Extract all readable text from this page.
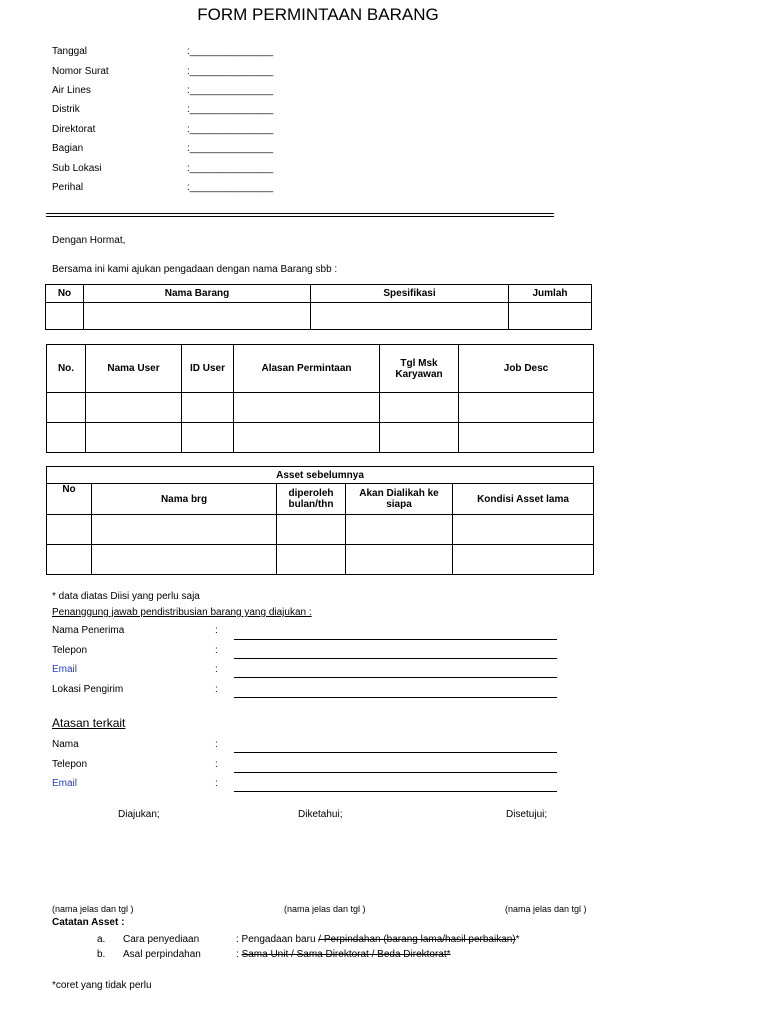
FORM PERMINTAAN BARANG
Tanggal	:_______________
Nomor Surat	:_______________
Air Lines	:_______________
Distrik	:_______________
Direktorat	:_______________
Bagian	:_______________
Sub Lokasi	:_______________
Perihal	:_______________
Dengan Hormat,
Bersama ini kami ajukan pengadaan dengan nama Barang sbb :
No	Nama Barang	Spesifikasi	Jumlah

No.	Nama User	ID User	Alasan Permintaan	Tgl Msk Karyawan	Job Desc

Asset sebelumnya				
No	Nama brg	diperoleh bulan/thn	Akan Dialikah ke siapa	Kondisi Asset lama

* data diatas Diisi yang perlu saja
Penanggung jawab pendistribusian barang yang diajukan :
Nama Penerima	:
Telepon	:
Email	:
Lokasi Pengirim	:
Atasan terkait
Nama	:
Telepon	:
Email	:
Diajukan;	Diketahui;	Disetujui;
(nama jelas dan tgl )	(nama jelas dan tgl )	(nama jelas dan tgl )
Catatan Asset :
a. Cara penyediaan	: Pengadaan baru / Perpindahan (barang lama/hasil perbaikan)*
b. Asal perpindahan	: Sama Unit / Sama Direktorat / Beda Direktorat*
*coret yang tidak perlu
